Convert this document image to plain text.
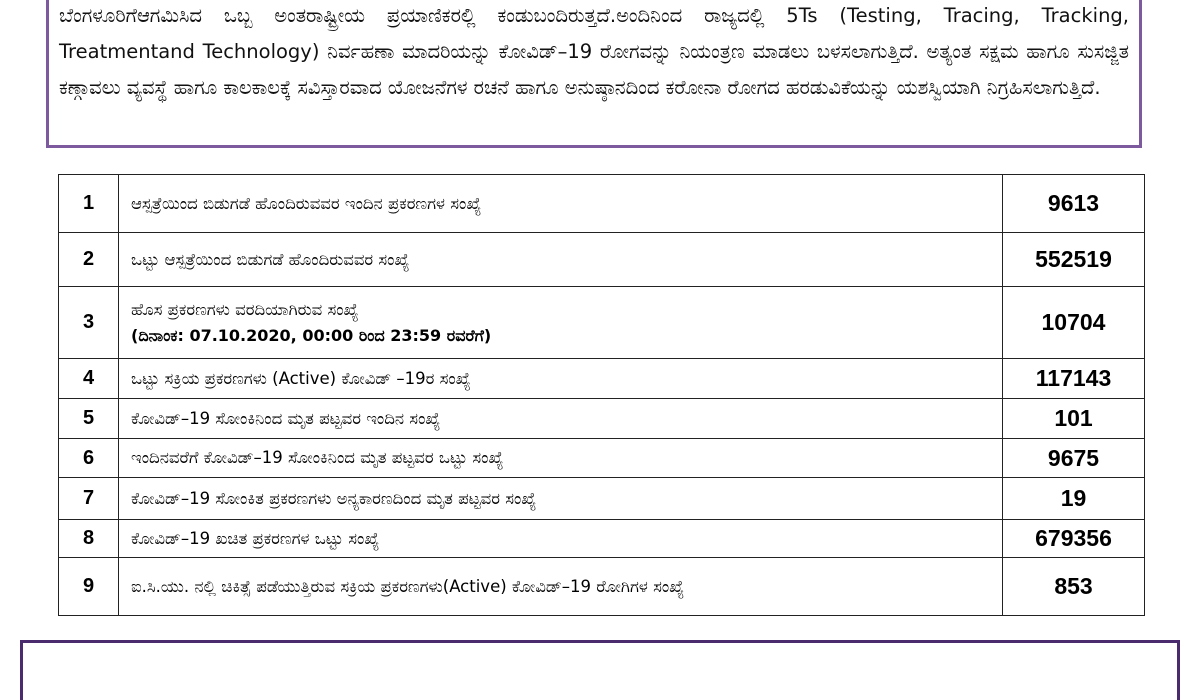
ಬೆಂಗಳೂರಿಗೆಆಗಮಿಸಿದ ಒಬ್ಬ ಅಂತರಾಷ್ಟ್ರೀಯ ಪ್ರಯಾಣಿಕರಲ್ಲಿ ಕಂಡುಬಂದಿರುತ್ತದೆ.ಅಂದಿನಿಂದ ರಾಜ್ಯದಲ್ಲಿ 5Ts (Testing, Tracing, Tracking, Treatmentand Technology) ನಿರ್ವಹಣಾ ಮಾದರಿಯನ್ನು ಕೋವಿಡ್–19 ರೋಗವನ್ನು ನಿಯಂತ್ರಣ ಮಾಡಲು ಬಳಸಲಾಗುತ್ತಿದೆ. ಅತ್ಯಂತ ಸಕ್ಷಮ ಹಾಗೂ ಸುಸಜ್ಜಿತ ಕಣ್ಗಾವಲು ವ್ಯವಸ್ಥೆ ಹಾಗೂ ಕಾಲಕಾಲಕ್ಕೆ ಸವಿಸ್ತಾರವಾದ ಯೋಜನೆಗಳ ರಚನೆ ಹಾಗೂ ಅನುಷ್ಠಾನದಿಂದ ಕರೋನಾ ರೋಗದ ಹರಡುವಿಕೆಯನ್ನು ಯಶಸ್ವಿಯಾಗಿ ನಿಗ್ರಹಿಸಲಾಗುತ್ತಿದೆ.

1	ಆಸ್ಪತ್ರೆಯಿಂದ ಬಿಡುಗಡೆ ಹೊಂದಿರುವವರ ಇಂದಿನ ಪ್ರಕರಣಗಳ ಸಂಖ್ಯೆ	9613
2	ಒಟ್ಟು ಆಸ್ಪತ್ರೆಯಿಂದ ಬಿಡುಗಡೆ ಹೊಂದಿರುವವರ ಸಂಖ್ಯೆ	552519
3	ಹೊಸ ಪ್ರಕರಣಗಳು ವರದಿಯಾಗಿರುವ ಸಂಖ್ಯೆ
(ದಿನಾಂಕ: 07.10.2020, 00:00 ರಿಂದ 23:59 ರವರೆಗೆ)	10704
4	ಒಟ್ಟು ಸಕ್ರಿಯ ಪ್ರಕರಣಗಳು (Active) ಕೋವಿಡ್ –19ರ ಸಂಖ್ಯೆ	117143
5	ಕೋವಿಡ್–19 ಸೋಂಕಿನಿಂದ ಮೃತ ಪಟ್ಟವರ ಇಂದಿನ ಸಂಖ್ಯೆ	101
6	ಇಂದಿನವರೆಗೆ ಕೋವಿಡ್–19 ಸೋಂಕಿನಿಂದ ಮೃತ ಪಟ್ಟವರ ಒಟ್ಟು ಸಂಖ್ಯೆ	9675
7	ಕೋವಿಡ್–19 ಸೋಂಕಿತ ಪ್ರಕರಣಗಳು ಅನ್ಯಕಾರಣದಿಂದ ಮೃತ ಪಟ್ಟವರ ಸಂಖ್ಯೆ	19
8	ಕೋವಿಡ್–19 ಖಚಿತ ಪ್ರಕರಣಗಳ ಒಟ್ಟು ಸಂಖ್ಯೆ	679356
9	ಐ.ಸಿ.ಯು. ನಲ್ಲಿ ಚಿಕಿತ್ಸೆ ಪಡೆಯುತ್ತಿರುವ ಸಕ್ರಿಯ ಪ್ರಕರಣಗಳು(Active) ಕೋವಿಡ್–19 ರೋಗಿಗಳ ಸಂಖ್ಯೆ	853
